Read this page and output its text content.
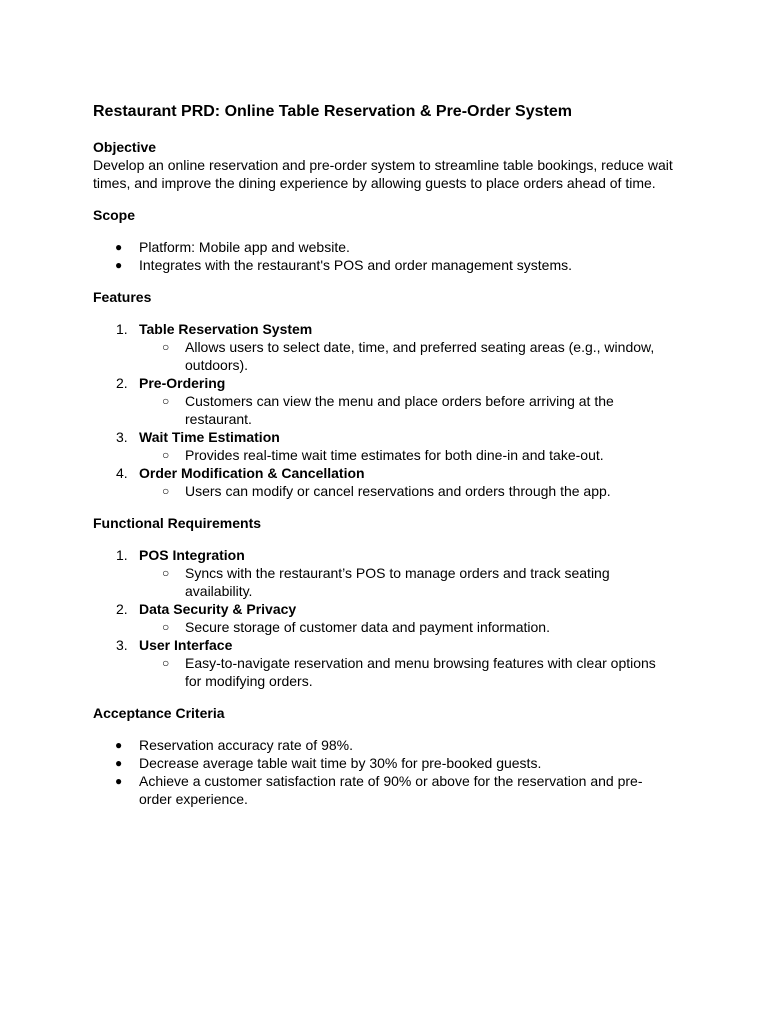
Restaurant PRD: Online Table Reservation & Pre-Order System
Objective
Develop an online reservation and pre-order system to streamline table bookings, reduce wait times, and improve the dining experience by allowing guests to place orders ahead of time.
Scope
● Platform: Mobile app and website.
● Integrates with the restaurant's POS and order management systems.
Features
1. Table Reservation System
○ Allows users to select date, time, and preferred seating areas (e.g., window, outdoors).
2. Pre-Ordering
○ Customers can view the menu and place orders before arriving at the restaurant.
3. Wait Time Estimation
○ Provides real-time wait time estimates for both dine-in and take-out.
4. Order Modification & Cancellation
○ Users can modify or cancel reservations and orders through the app.
Functional Requirements
1. POS Integration
○ Syncs with the restaurant’s POS to manage orders and track seating availability.
2. Data Security & Privacy
○ Secure storage of customer data and payment information.
3. User Interface
○ Easy-to-navigate reservation and menu browsing features with clear options for modifying orders.
Acceptance Criteria
● Reservation accuracy rate of 98%.
● Decrease average table wait time by 30% for pre-booked guests.
● Achieve a customer satisfaction rate of 90% or above for the reservation and pre-order experience.
